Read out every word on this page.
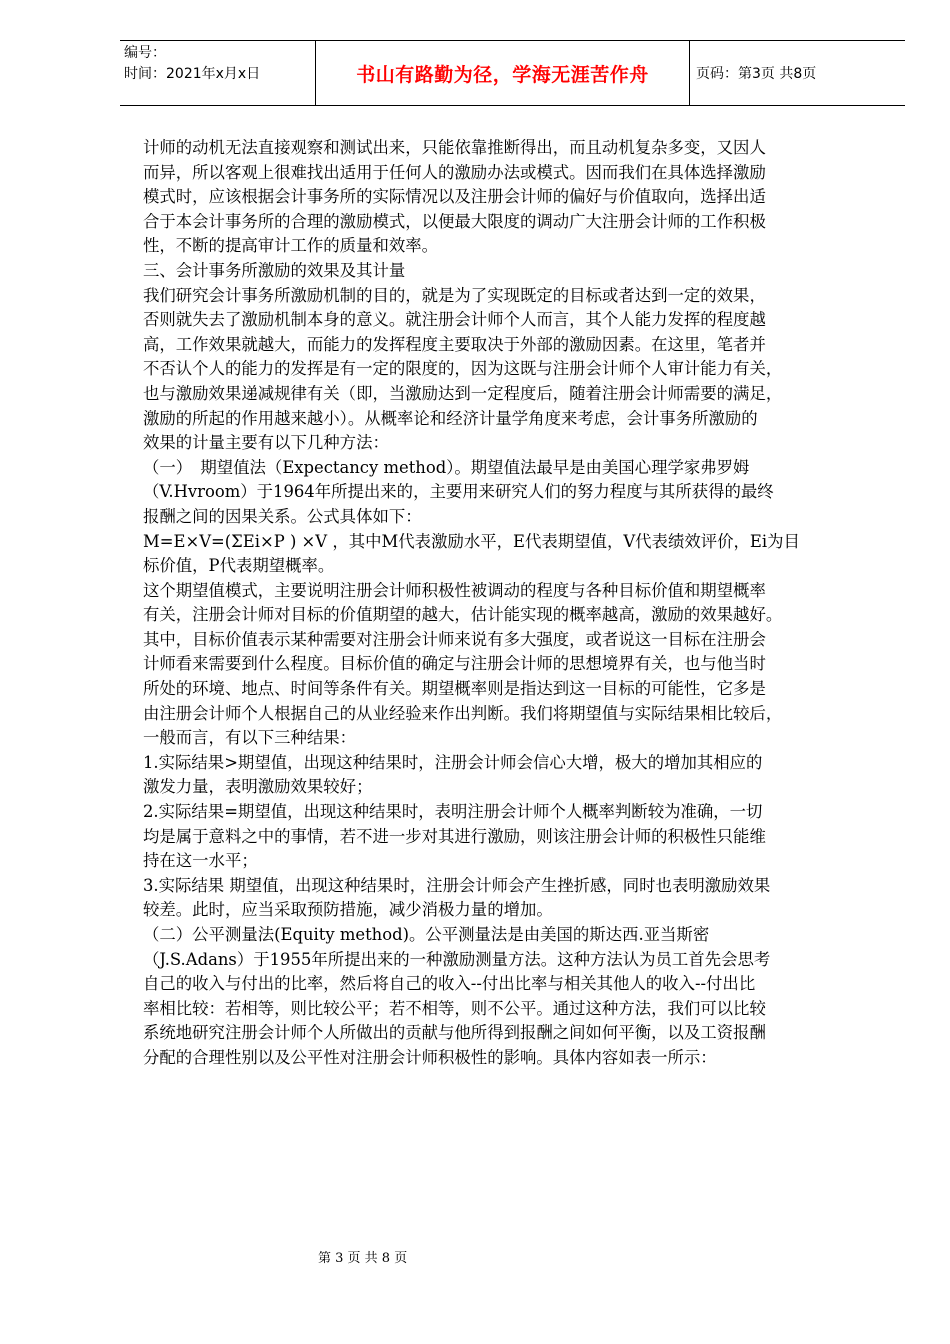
编号：
时间：2021年x月x日	书山有路勤为径，学海无涯苦作舟	页码：第3页 共8页
计师的动机无法直接观察和测试出来，只能依靠推断得出，而且动机复杂多变，又因人
而异，所以客观上很难找出适用于任何人的激励办法或模式。因而我们在具体选择激励
模式时，应该根据会计事务所的实际情况以及注册会计师的偏好与价值取向，选择出适
合于本会计事务所的合理的激励模式，以便最大限度的调动广大注册会计师的工作积极
性，不断的提高审计工作的质量和效率。
三、会计事务所激励的效果及其计量
我们研究会计事务所激励机制的目的，就是为了实现既定的目标或者达到一定的效果，
否则就失去了激励机制本身的意义。就注册会计师个人而言，其个人能力发挥的程度越
高，工作效果就越大，而能力的发挥程度主要取决于外部的激励因素。在这里，笔者并
不否认个人的能力的发挥是有一定的限度的，因为这既与注册会计师个人审计能力有关，
也与激励效果递减规律有关（即，当激励达到一定程度后，随着注册会计师需要的满足，
激励的所起的作用越来越小）。从概率论和经济计量学角度来考虑，会计事务所激励的
效果的计量主要有以下几种方法：
（一）　期望值法（Expectancy method）。期望值法最早是由美国心理学家弗罗姆
（V.Hvroom）于1964年所提出来的，主要用来研究人们的努力程度与其所获得的最终
报酬之间的因果关系。公式具体如下：
M=E×V=(ΣEi×P ) ×V ，其中M代表激励水平，E代表期望值，V代表绩效评价，Ei为目
标价值，P代表期望概率。
这个期望值模式，主要说明注册会计师积极性被调动的程度与各种目标价值和期望概率
有关，注册会计师对目标的价值期望的越大，估计能实现的概率越高，激励的效果越好。
其中，目标价值表示某种需要对注册会计师来说有多大强度，或者说这一目标在注册会
计师看来需要到什么程度。目标价值的确定与注册会计师的思想境界有关，也与他当时
所处的环境、地点、时间等条件有关。期望概率则是指达到这一目标的可能性，它多是
由注册会计师个人根据自己的从业经验来作出判断。我们将期望值与实际结果相比较后，
一般而言，有以下三种结果：
1.实际结果>期望值，出现这种结果时，注册会计师会信心大增，极大的增加其相应的
激发力量，表明激励效果较好；
2.实际结果=期望值，出现这种结果时，表明注册会计师个人概率判断较为准确，一切
均是属于意料之中的事情，若不进一步对其进行激励，则该注册会计师的积极性只能维
持在这一水平；
3.实际结果 期望值，出现这种结果时，注册会计师会产生挫折感，同时也表明激励效果
较差。此时，应当采取预防措施，减少消极力量的增加。
（二）公平测量法(Equity method)。公平测量法是由美国的斯达西.亚当斯密
（J.S.Adans）于1955年所提出来的一种激励测量方法。这种方法认为员工首先会思考
自己的收入与付出的比率，然后将自己的收入--付出比率与相关其他人的收入--付出比
率相比较：若相等，则比较公平；若不相等，则不公平。通过这种方法，我们可以比较
系统地研究注册会计师个人所做出的贡献与他所得到报酬之间如何平衡，以及工资报酬
分配的合理性别以及公平性对注册会计师积极性的影响。具体内容如表一所示：
第 3 页 共 8 页
